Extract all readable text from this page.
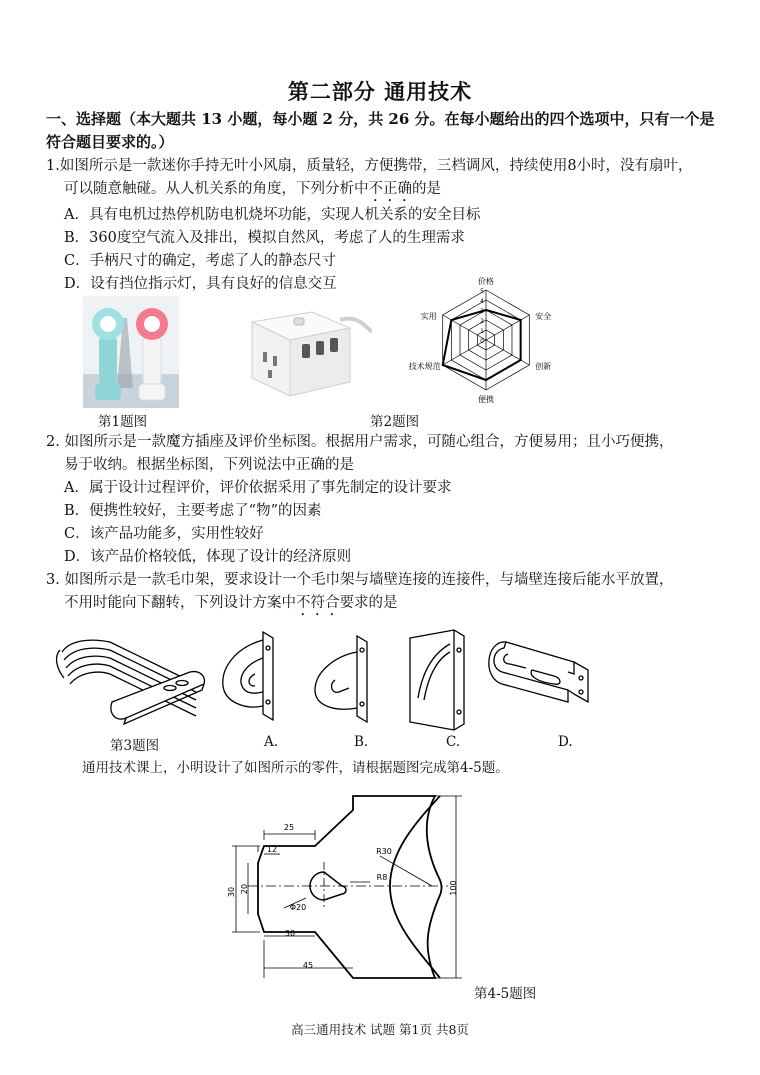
第二部分 通用技术
一、选择题（本大题共 13 小题，每小题 2 分，共 26 分。在每小题给出的四个选项中，只有一个是
符合题目要求的。）
1.如图所示是一款迷你手持无叶小风扇，质量轻，方便携带，三档调风，持续使用8小时，没有扇叶，
可以随意触碰。从人机关系的角度，下列分析中不正确的是
A．具有电机过热停机防电机烧坏功能，实现人机关系的安全目标
B．360度空气流入及排出，模拟自然风，考虑了人的生理需求
C．手柄尺寸的确定，考虑了人的静态尺寸
D．设有挡位指示灯，具有良好的信息交互
第1题图	第2题图
价格
安全
创新
便携
技术规范
实用
5
4
3
2
1
0
2. 如图所示是一款魔方插座及评价坐标图。根据用户需求，可随心组合，方便易用；且小巧便携，
易于收纳。根据坐标图，下列说法中正确的是
A．属于设计过程评价，评价依据采用了事先制定的设计要求
B．便携性较好，主要考虑了“物”的因素
C．该产品功能多，实用性较好
D．该产品价格较低，体现了设计的经济原则
3. 如图所示是一款毛巾架，要求设计一个毛巾架与墙壁连接的连接件，与墙壁连接后能水平放置，
不用时能向下翻转，下列设计方案中不符合要求的是
第3题图	A.	B.	C.	D.
通用技术课上，小明设计了如图所示的零件，请根据题图完成第4-5题。
25
12
30 20
Φ20
30
45
R30
R8
100
第4-5题图
高三通用技术 试题 第1页 共8页
